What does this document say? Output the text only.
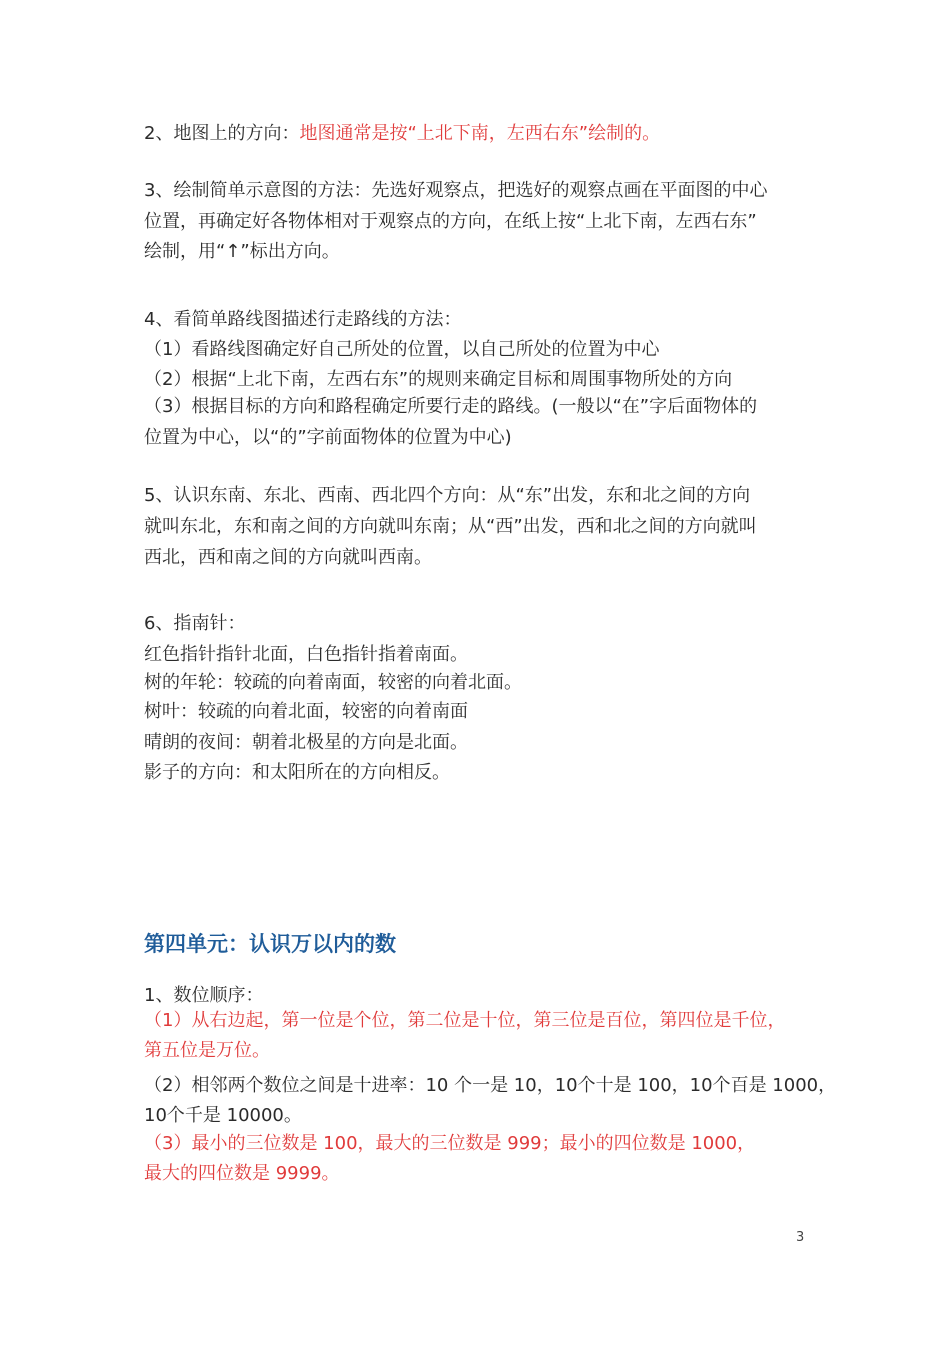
2、地图上的方向：地图通常是按“上北下南，左西右东”绘制的。
3、绘制简单示意图的方法：先选好观察点，把选好的观察点画在平面图的中心
位置，再确定好各物体相对于观察点的方向，在纸上按“上北下南，左西右东”
绘制，用“↑”标出方向。
4、看简单路线图描述行走路线的方法：
（1）看路线图确定好自己所处的位置，以自己所处的位置为中心
（2）根据“上北下南，左西右东”的规则来确定目标和周围事物所处的方向
（3）根据目标的方向和路程确定所要行走的路线。(一般以“在”字后面物体的
位置为中心，以“的”字前面物体的位置为中心)
5、认识东南、东北、西南、西北四个方向：从“东”出发，东和北之间的方向
就叫东北，东和南之间的方向就叫东南；从“西”出发，西和北之间的方向就叫
西北，西和南之间的方向就叫西南。
6、指南针：
红色指针指针北面，白色指针指着南面。
树的年轮：较疏的向着南面，较密的向着北面。
树叶：较疏的向着北面，较密的向着南面
晴朗的夜间：朝着北极星的方向是北面。
影子的方向：和太阳所在的方向相反。
第四单元：认识万以内的数
1、数位顺序：
（1）从右边起，第一位是个位，第二位是十位，第三位是百位，第四位是千位，
第五位是万位。
（2）相邻两个数位之间是十进率：10 个一是 10，10个十是 100，10个百是 1000，
10个千是 10000。
（3）最小的三位数是 100，最大的三位数是 999；最小的四位数是 1000，
最大的四位数是 9999。
3
